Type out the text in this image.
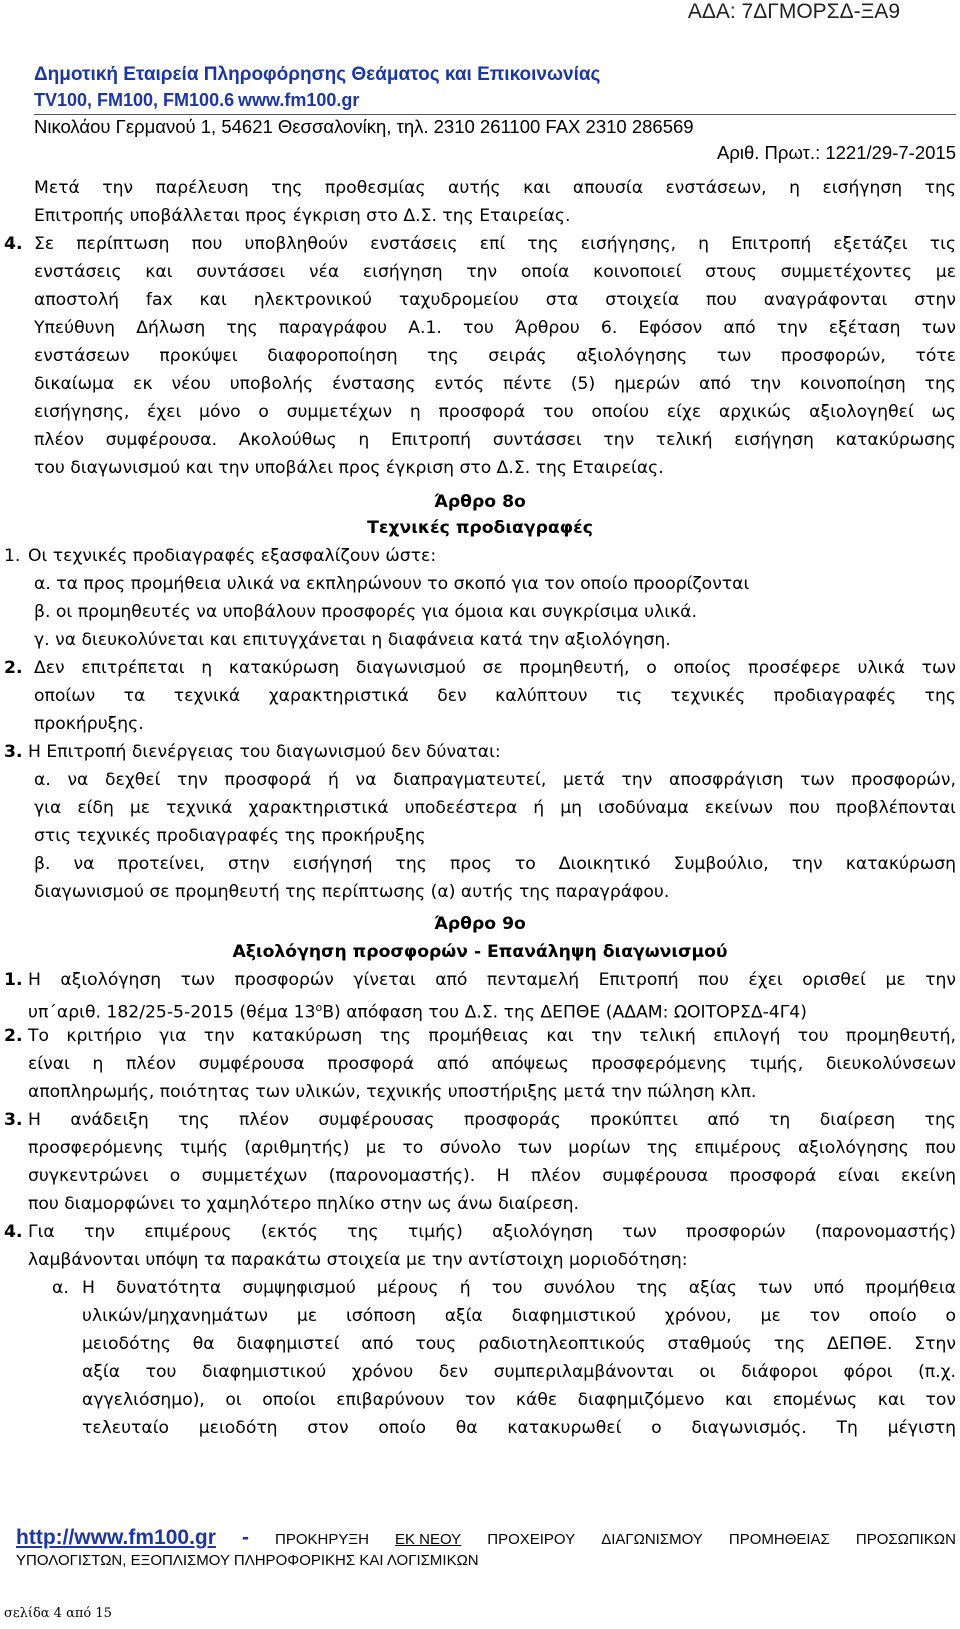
ΑΔΑ: 7ΔΓΜΟΡΣΔ-ΞΑ9
Δημοτική Εταιρεία Πληροφόρησης Θεάματος και Επικοινωνίας
TV100, FM100, FM100.6 www.fm100.gr
Νικολάου Γερμανού 1, 54621 Θεσσαλονίκη, τηλ. 2310 261100 FAX 2310 286569
Αριθ. Πρωτ.: 1221/29-7-2015
Μετά την παρέλευση της προθεσμίας αυτής και απουσία ενστάσεων, η εισήγηση της
Επιτροπής υποβάλλεται προς έγκριση στο Δ.Σ. της Εταιρείας.
4. Σε περίπτωση που υποβληθούν ενστάσεις επί της εισήγησης, η Επιτροπή εξετάζει τις
ενστάσεις και συντάσσει νέα εισήγηση την οποία κοινοποιεί στους συμμετέχοντες με
αποστολή fax και ηλεκτρονικού ταχυδρομείου στα στοιχεία που αναγράφονται στην
Υπεύθυνη Δήλωση της παραγράφου Α.1. του Άρθρου 6. Εφόσον από την εξέταση των
ενστάσεων προκύψει διαφοροποίηση της σειράς αξιολόγησης των προσφορών, τότε
δικαίωμα εκ νέου υποβολής ένστασης εντός πέντε (5) ημερών από την κοινοποίηση της
εισήγησης, έχει μόνο ο συμμετέχων η προσφορά του οποίου είχε αρχικώς αξιολογηθεί ως
πλέον συμφέρουσα. Ακολούθως η Επιτροπή συντάσσει την τελική εισήγηση κατακύρωσης
του διαγωνισμού και την υποβάλει προς έγκριση στο Δ.Σ. της Εταιρείας.
Άρθρο 8ο
Τεχνικές προδιαγραφές
1. Οι τεχνικές προδιαγραφές εξασφαλίζουν ώστε:
α. τα προς προμήθεια υλικά να εκπληρώνουν το σκοπό για τον οποίο προορίζονται
β. οι προμηθευτές να υποβάλουν προσφορές για όμοια και συγκρίσιμα υλικά.
γ. να διευκολύνεται και επιτυγχάνεται η διαφάνεια κατά την αξιολόγηση.
2. Δεν επιτρέπεται η κατακύρωση διαγωνισμού σε προμηθευτή, ο οποίος προσέφερε υλικά των
οποίων τα τεχνικά χαρακτηριστικά δεν καλύπτουν τις τεχνικές προδιαγραφές της
προκήρυξης.
3. Η Επιτροπή διενέργειας του διαγωνισμού δεν δύναται:
α. να δεχθεί την προσφορά ή να διαπραγματευτεί, μετά την αποσφράγιση των προσφορών,
για είδη με τεχνικά χαρακτηριστικά υποδεέστερα ή μη ισοδύναμα εκείνων που προβλέπονται
στις τεχνικές προδιαγραφές της προκήρυξης
β. να προτείνει, στην εισήγησή της προς το Διοικητικό Συμβούλιο, την κατακύρωση
διαγωνισμού σε προμηθευτή της περίπτωσης (α) αυτής της παραγράφου.
Άρθρο 9ο
Αξιολόγηση προσφορών - Επανάληψη διαγωνισμού
1. Η αξιολόγηση των προσφορών γίνεται από πενταμελή Επιτροπή που έχει ορισθεί με την
υπ΄αριθ. 182/25-5-2015 (θέμα $13^oB$) απόφαση του Δ.Σ. της ΔΕΠΘΕ (ΑΔΑΜ: ΩΟΙΤΟΡΣΔ-4Γ4)
2. Το κριτήριο για την κατακύρωση της προμήθειας και την τελική επιλογή του προμηθευτή,
είναι η πλέον συμφέρουσα προσφορά από απόψεως προσφερόμενης τιμής, διευκολύνσεων
αποπληρωμής, ποιότητας των υλικών, τεχνικής υποστήριξης μετά την πώληση κλπ.
3. Η ανάδειξη της πλέον συμφέρουσας προσφοράς προκύπτει από τη διαίρεση της
προσφερόμενης τιμής (αριθμητής) με το σύνολο των μορίων της επιμέρους αξιολόγησης που
συγκεντρώνει ο συμμετέχων (παρονομαστής). Η πλέον συμφέρουσα προσφορά είναι εκείνη
που διαμορφώνει το χαμηλότερο πηλίκο στην ως άνω διαίρεση.
4. Για την επιμέρους (εκτός της τιμής) αξιολόγηση των προσφορών (παρονομαστής)
λαμβάνονται υπόψη τα παρακάτω στοιχεία με την αντίστοιχη μοριοδότηση:
α. Η δυνατότητα συμψηφισμού μέρους ή του συνόλου της αξίας των υπό προμήθεια
υλικών/μηχανημάτων με ισόποση αξία διαφημιστικού χρόνου, με τον οποίο ο
μειοδότης θα διαφημιστεί από τους ραδιοτηλεοπτικούς σταθμούς της ΔΕΠΘΕ. Στην
αξία του διαφημιστικού χρόνου δεν συμπεριλαμβάνονται οι διάφοροι φόροι (π.χ.
αγγελιόσημο), οι οποίοι επιβαρύνουν τον κάθε διαφημιζόμενο και επομένως και τον
τελευταίο μειοδότη στον οποίο θα κατακυρωθεί ο διαγωνισμός. Τη μέγιστη
http://www.fm100.gr - ΠΡΟΚΗΡΥΞΗ ΕΚ ΝΕΟΥ ΠΡΟΧΕΙΡΟΥ ΔΙΑΓΩΝΙΣΜΟΥ ΠΡΟΜΗΘΕΙΑΣ ΠΡΟΣΩΠΙΚΩΝ
ΥΠΟΛΟΓΙΣΤΩΝ, ΕΞΟΠΛΙΣΜΟΥ ΠΛΗΡΟΦΟΡΙΚΗΣ ΚΑΙ ΛΟΓΙΣΜΙΚΩΝ
σελίδα 4 από 15
